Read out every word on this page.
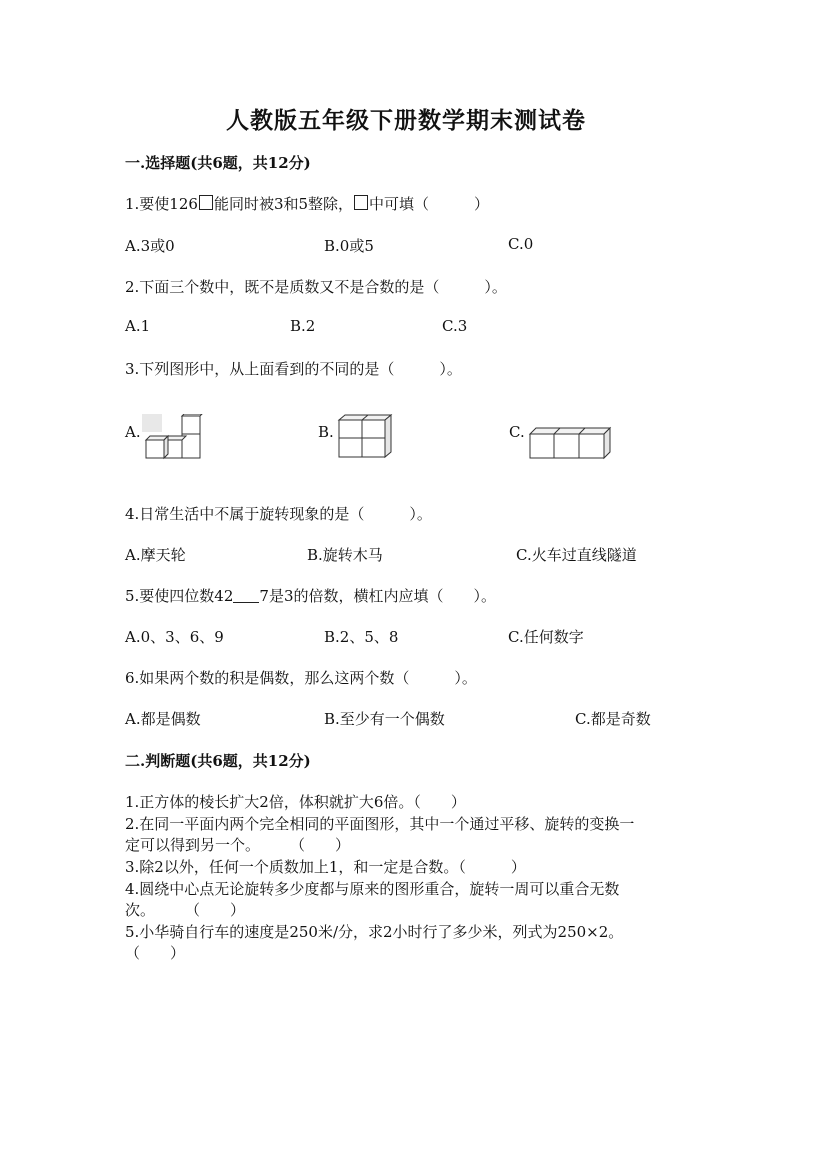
人教版五年级下册数学期末测试卷
一.选择题(共6题，共12分)
1.要使126 能同时被3和5整除， 中可填（　　　）
A.3或0	B.0或5	C.0
2.下面三个数中，既不是质数又不是合数的是（　　　）。
A.1	B.2	C.3
3.下列图形中，从上面看到的不同的是（　　　）。
A.	B.	C.
4.日常生活中不属于旋转现象的是（　　　）。
A.摩天轮	B.旋转木马	C.火车过直线隧道
5.要使四位数42 7是3的倍数，横杠内应填（　　）。
A.0、3、6、9	B.2、5、8	C.任何数字
6.如果两个数的积是偶数，那么这两个数（　　　）。
A.都是偶数	B.至少有一个偶数	C.都是奇数
二.判断题(共6题，共12分)
1.正方体的棱长扩大2倍，体积就扩大6倍。（　　）
2.在同一平面内两个完全相同的平面图形，其中一个通过平移、旋转的变换一
定可以得到另一个。　　　（　　）
3.除2以外，任何一个质数加上1，和一定是合数。（　　　）
4.圆绕中心点无论旋转多少度都与原来的图形重合，旋转一周可以重合无数
次。　　　（　　）
5.小华骑自行车的速度是250米/分，求2小时行了多少米，列式为250×2。
（　　）
